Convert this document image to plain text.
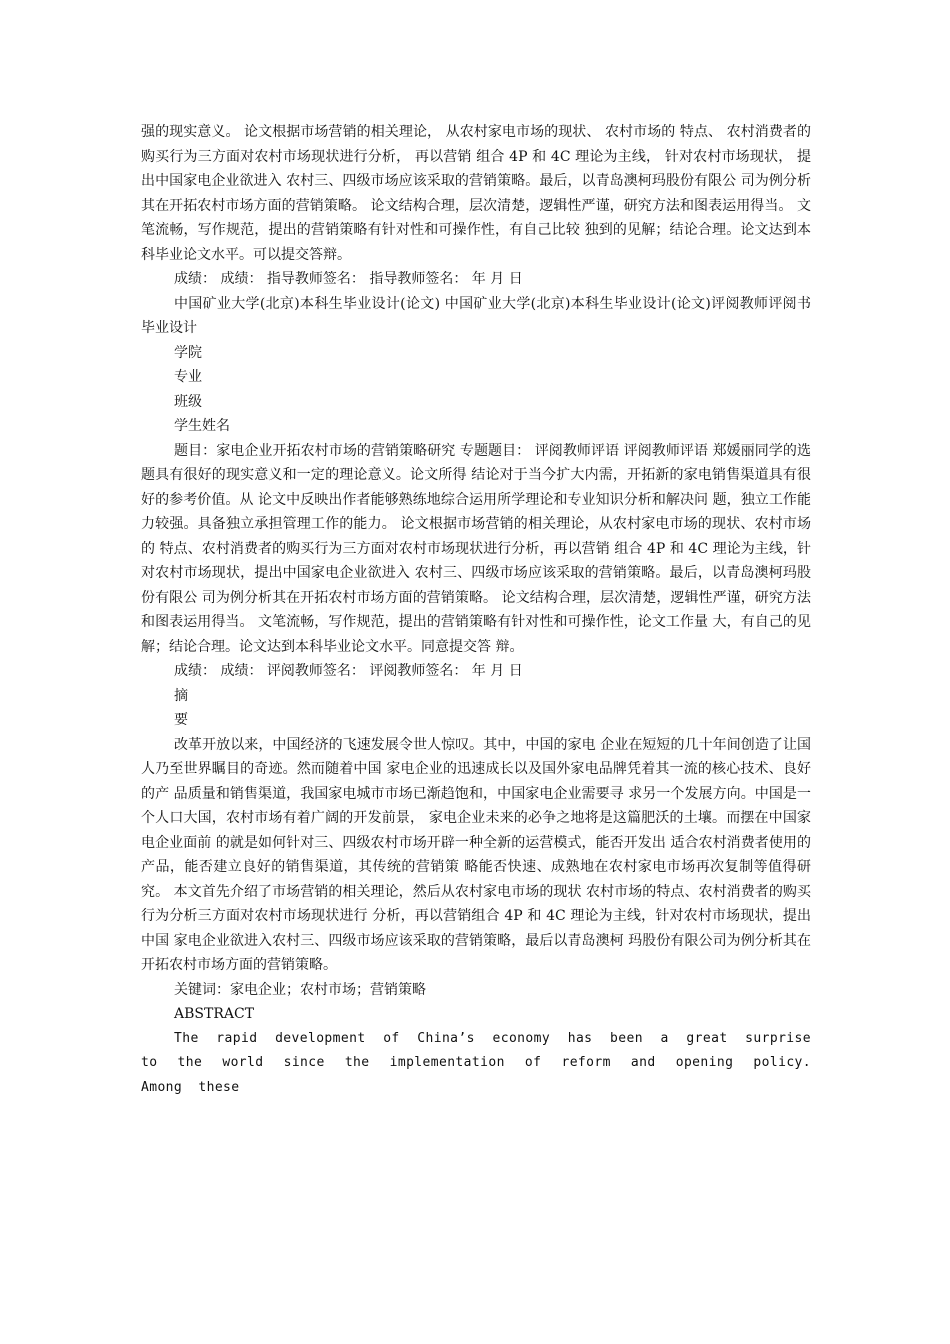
强的现实意义。 论文根据市场营销的相关理论， 从农村家电市场的现状、 农村市场的 特点、 农村消费者的购买行为三方面对农村市场现状进行分析， 再以营销 组合 4P 和 4C 理论为主线， 针对农村市场现状， 提出中国家电企业欲进入 农村三、四级市场应该采取的营销策略。最后，以青岛澳柯玛股份有限公 司为例分析其在开拓农村市场方面的营销策略。 论文结构合理，层次清楚，逻辑性严谨，研究方法和图表运用得当。 文笔流畅，写作规范，提出的营销策略有针对性和可操作性，有自己比较 独到的见解；结论合理。论文达到本科毕业论文水平。可以提交答辩。

成绩： 成绩： 指导教师签名： 指导教师签名： 年 月 日

中国矿业大学(北京)本科生毕业设计(论文) 中国矿业大学(北京)本科生毕业设计(论文)评阅教师评阅书 毕业设计

学院

专业

班级

学生姓名

题目：家电企业开拓农村市场的营销策略研究 专题题目： 评阅教师评语 评阅教师评语 郑媛丽同学的选题具有很好的现实意义和一定的理论意义。论文所得 结论对于当今扩大内需，开拓新的家电销售渠道具有很好的参考价值。从 论文中反映出作者能够熟练地综合运用所学理论和专业知识分析和解决问 题，独立工作能力较强。具备独立承担管理工作的能力。 论文根据市场营销的相关理论，从农村家电市场的现状、农村市场的 特点、农村消费者的购买行为三方面对农村市场现状进行分析，再以营销 组合 4P 和 4C 理论为主线，针对农村市场现状，提出中国家电企业欲进入 农村三、四级市场应该采取的营销策略。最后，以青岛澳柯玛股份有限公 司为例分析其在开拓农村市场方面的营销策略。 论文结构合理，层次清楚，逻辑性严谨，研究方法和图表运用得当。 文笔流畅，写作规范，提出的营销策略有针对性和可操作性，论文工作量 大，有自己的见解；结论合理。论文达到本科毕业论文水平。同意提交答 辩。

成绩： 成绩： 评阅教师签名： 评阅教师签名： 年 月 日

摘

要

改革开放以来，中国经济的飞速发展令世人惊叹。其中，中国的家电 企业在短短的几十年间创造了让国人乃至世界瞩目的奇迹。然而随着中国 家电企业的迅速成长以及国外家电品牌凭着其一流的核心技术、良好的产 品质量和销售渠道，我国家电城市市场已渐趋饱和，中国家电企业需要寻 求另一个发展方向。中国是一个人口大国，农村市场有着广阔的开发前景， 家电企业未来的必争之地将是这篇肥沃的土壤。而摆在中国家电企业面前 的就是如何针对三、四级农村市场开辟一种全新的运营模式，能否开发出 适合农村消费者使用的产品，能否建立良好的销售渠道，其传统的营销策 略能否快速、成熟地在农村家电市场再次复制等值得研究。 本文首先介绍了市场营销的相关理论，然后从农村家电市场的现状 农村市场的特点、农村消费者的购买行为分析三方面对农村市场现状进行 分析，再以营销组合 4P 和 4C 理论为主线，针对农村市场现状，提出中国 家电企业欲进入农村三、四级市场应该采取的营销策略，最后以青岛澳柯 玛股份有限公司为例分析其在开拓农村市场方面的营销策略。

关键词：家电企业；农村市场；营销策略

ABSTRACT

The rapid development of China’s economy has been a great surprise to the world since the implementation of reform and opening policy. Among these
